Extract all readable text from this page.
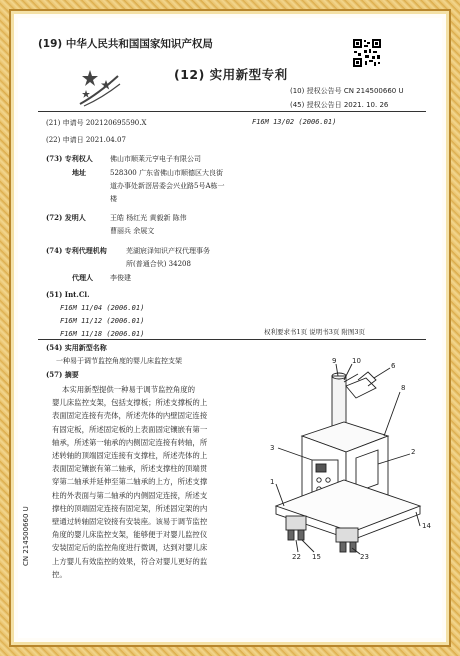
(19) 中华人民共和国国家知识产权局
(12) 实用新型专利
(10) 授权公告号 CN 214500660 U
(45) 授权公告日 2021. 10. 26
(21) 申请号 202120695590.X	F16M 13/02 (2006.01)
(22) 申请日 2021.04.07
(73) 专利权人 佛山市顺莱元亨电子有限公司
地址	528300 广东省佛山市顺德区大良街
道办事处新滘居委会兴业路5号A栋一
楼
(72) 发明人	王皓 杨红光 黄毅新 陈伟
曹丽兵 余展文
(74) 专利代理机构	芜湖宸泽知识产权代理事务
所(普通合伙) 34208
代理人 李俊建
(51) Int.Cl.
F16M 11/04 (2006.01)
F16M 11/12 (2006.01)
F16M 11/18 (2006.01)	权利要求书1页 说明书3页 附图3页
(54) 实用新型名称
一种易于调节监控角度的婴儿床监控支架
(57) 摘要
本实用新型提供一种易于调节监控角度的
婴儿床监控支架，包括支撑板；所述支撑板的上
表面固定连接有壳体，所述壳体的内壁固定连接
有固定板，所述固定板的上表面固定镶嵌有第一
轴承，所述第一轴承的内侧固定连接有转轴，所
述转轴的顶端固定连接有支撑柱，所述壳体的上
表面固定镶嵌有第二轴承，所述支撑柱的顶端贯
穿第二轴承并延伸至第二轴承的上方，所述支撑
柱的外表面与第二轴承的内侧固定连接，所述支
撑柱的顶端固定连接有固定架，所述固定架的内
壁通过转轴固定铰接有安装座。该易于调节监控
角度的婴儿床监控支架，能够便于对婴儿监控仪
安装固定后的监控角度进行微调，达到对婴儿床
上方婴儿有效监控的效果，符合对婴儿更好的监
控。
CN 214500660 U
9 10
6
8
3	2
1
14
22 15	23
